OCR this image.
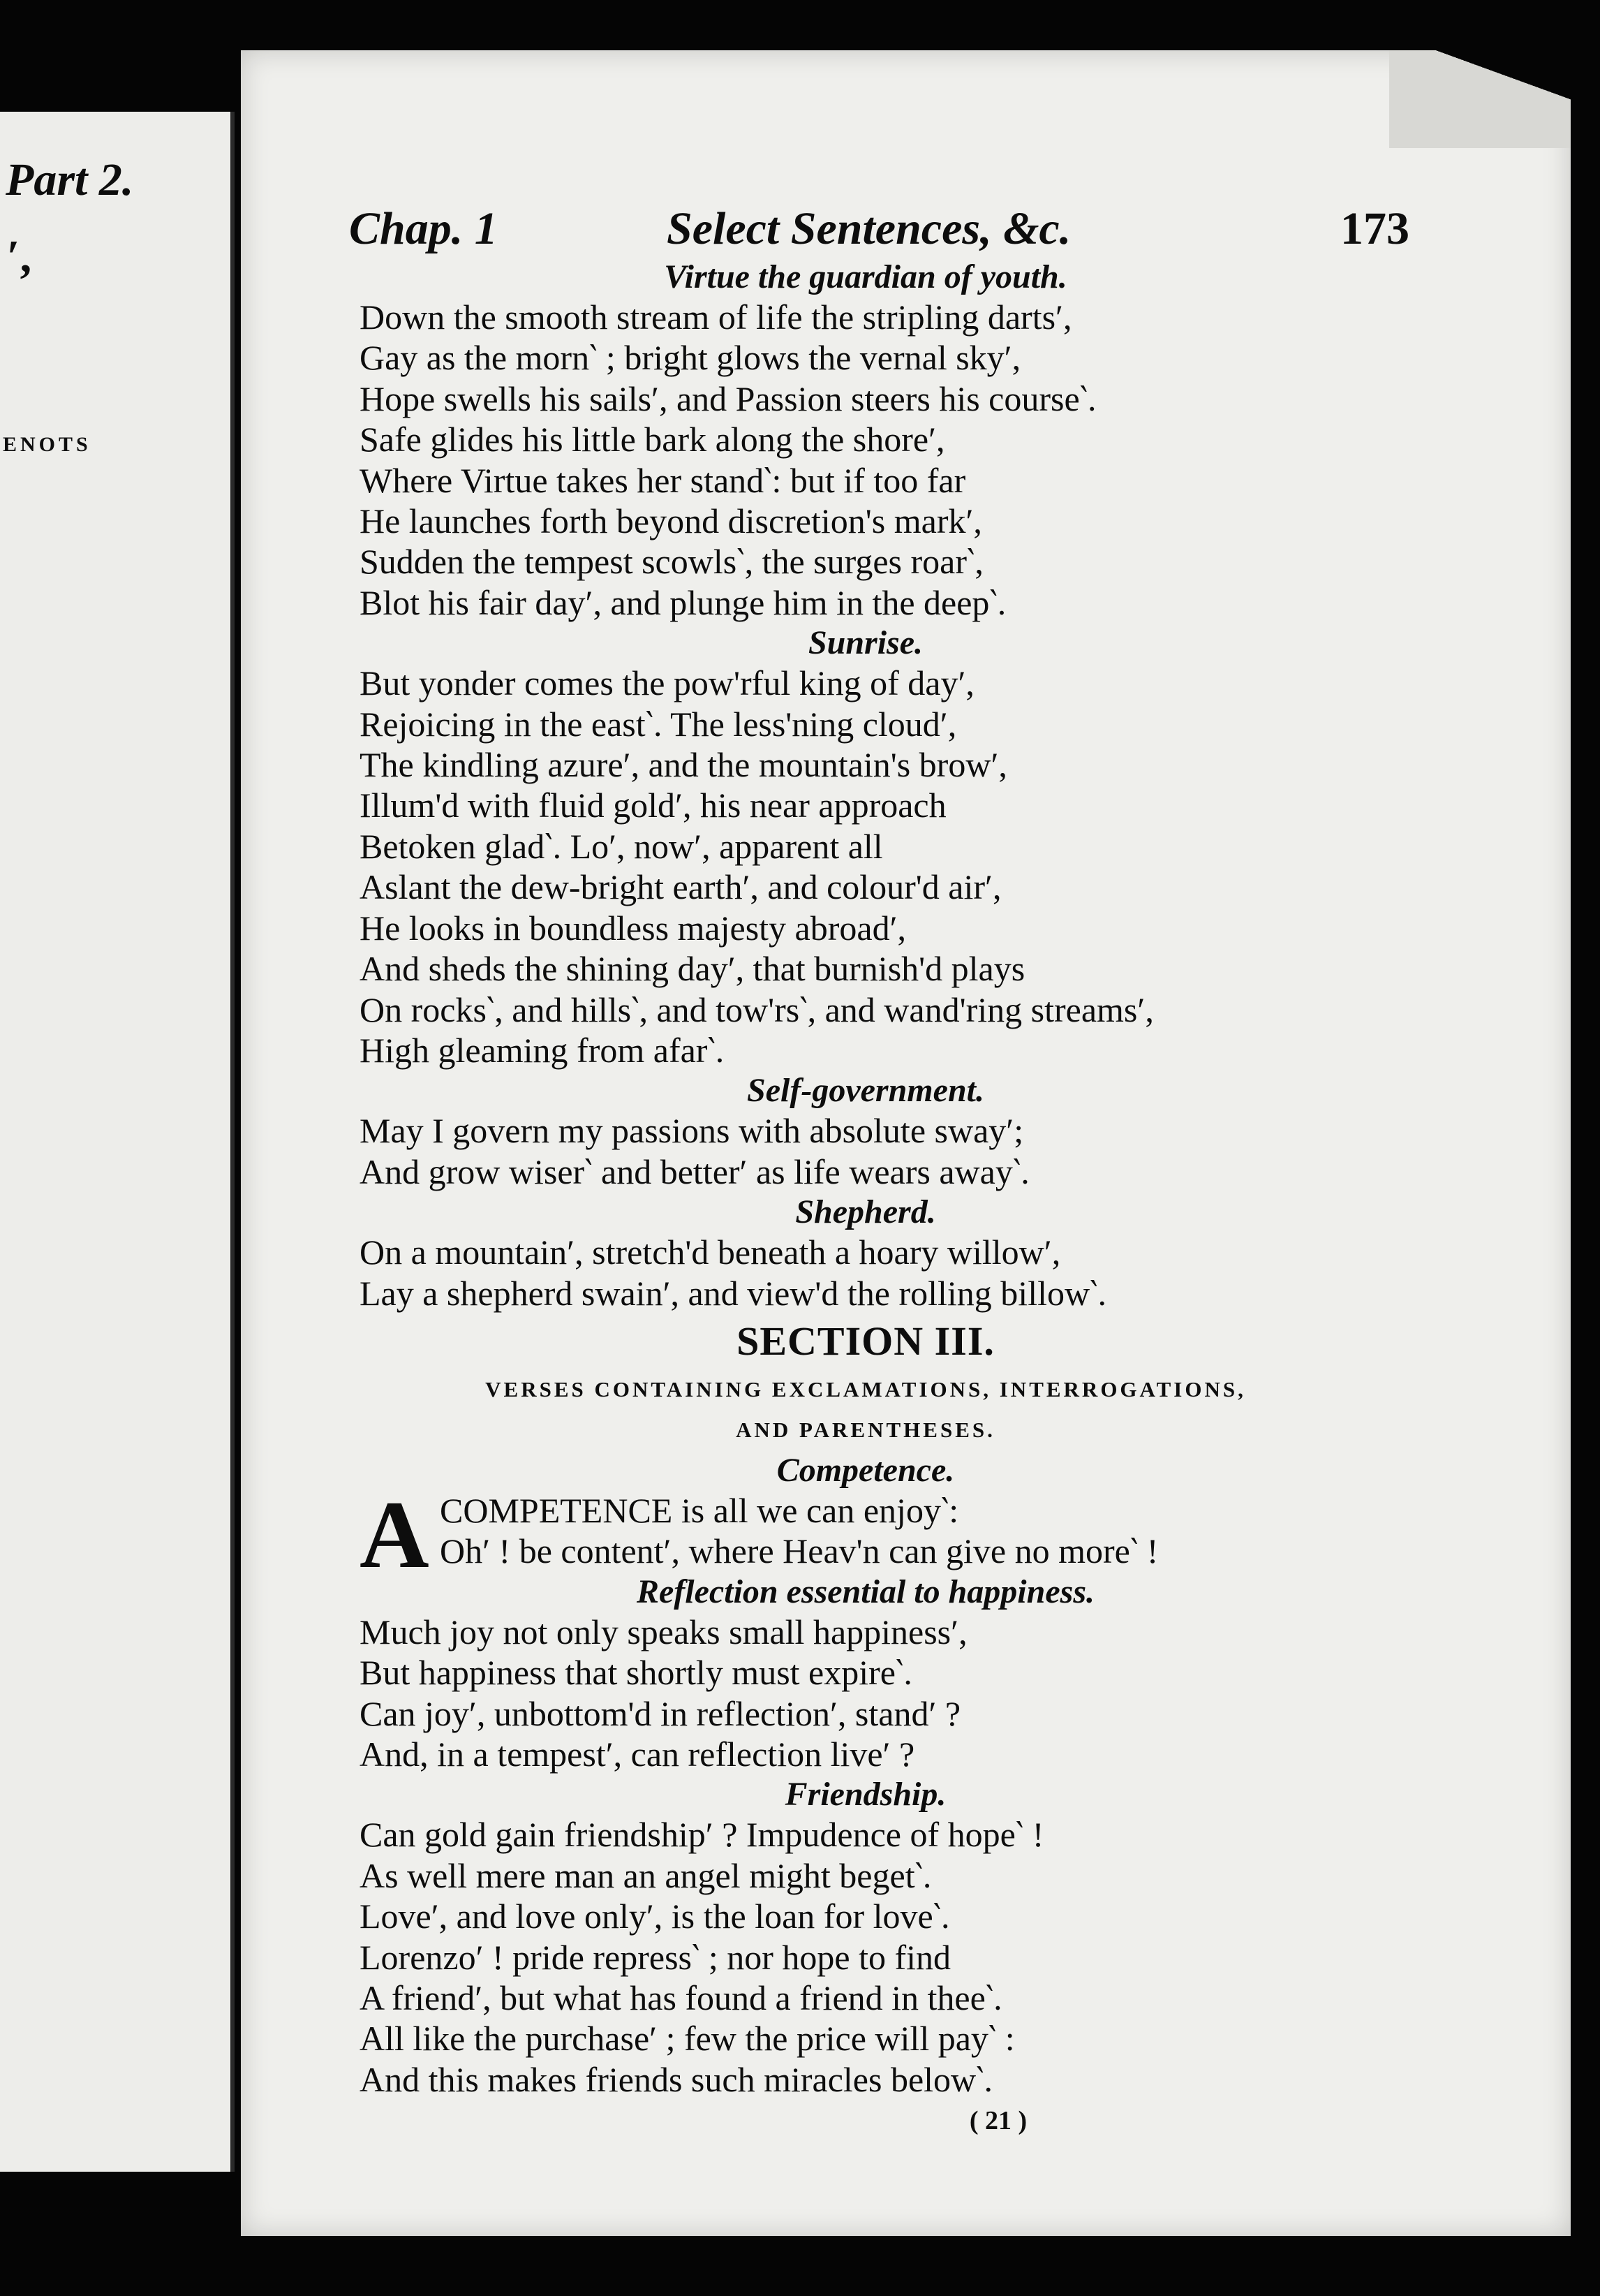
Part 2.
′,
ENOTS
Chap. 1	Select Sentences, &c.	173
Virtue the guardian of youth.
Down the smooth stream of life the stripling darts′,
Gay as the morn‵ ; bright glows the vernal sky′,
Hope swells his sails′, and Passion steers his course‵.
Safe glides his little bark along the shore′,
Where Virtue takes her stand‵: but if too far
He launches forth beyond discretion's mark′,
Sudden the tempest scowls‵, the surges roar‵,
Blot his fair day′, and plunge him in the deep‵.
Sunrise.
But yonder comes the pow'rful king of day′,
Rejoicing in the east‵. The less'ning cloud′,
The kindling azure′, and the mountain's brow′,
Illum'd with fluid gold′, his near approach
Betoken glad‵. Lo′, now′, apparent all
Aslant the dew-bright earth′, and colour'd air′,
He looks in boundless majesty abroad′,
And sheds the shining day′, that burnish'd plays
On rocks‵, and hills‵, and tow'rs‵, and wand'ring streams′,
High gleaming from afar‵.
Self-government.
May I govern my passions with absolute sway′;
And grow wiser‵ and better′ as life wears away‵.
Shepherd.
On a mountain′, stretch'd beneath a hoary willow′,
Lay a shepherd swain′, and view'd the rolling billow‵.
SECTION III.
VERSES CONTAINING EXCLAMATIONS, INTERROGATIONS,
AND PARENTHESES.
Competence.
A COMPETENCE is all we can enjoy‵:
Oh′ ! be content′, where Heav'n can give no more‵ !
Reflection essential to happiness.
Much joy not only speaks small happiness′,
But happiness that shortly must expire‵.
Can joy′, unbottom'd in reflection′, stand′ ?
And, in a tempest′, can reflection live′ ?
Friendship.
Can gold gain friendship′ ? Impudence of hope‵ !
As well mere man an angel might beget‵.
Love′, and love only′, is the loan for love‵.
Lorenzo′ ! pride repress‵ ; nor hope to find
A friend′, but what has found a friend in thee‵.
All like the purchase′ ; few the price will pay‵ :
And this makes friends such miracles below‵.
( 21 )
